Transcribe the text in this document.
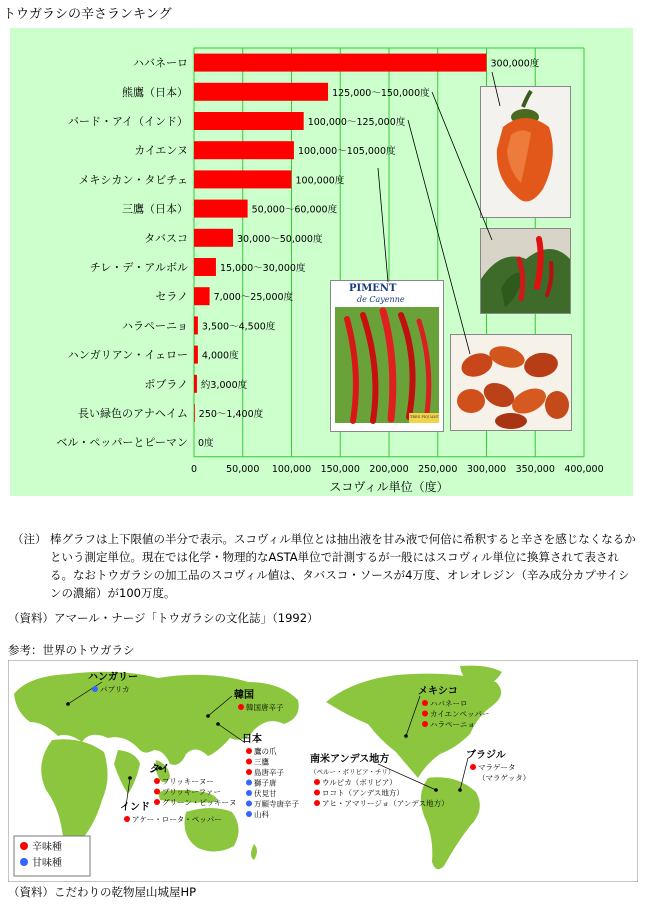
トウガラシの辛さランキング
ハバネーロ
熊鷹（日本）
バード・アイ（インド）
カイエンヌ
メキシカン・タビチェ
三鷹（日本）
タバスコ
チレ・デ・アルボル
セラノ
ハラペーニョ
ハンガリアン・イェロー
ポブラノ
長い緑色のアナヘイム
ベル・ペッパーとピーマン
300,000度
125,000～150,000度
100,000～125,000度
100,000～105,000度
100,000度
50,000～60,000度
30,000～50,000度
15,000～30,000度
7,000～25,000度
3,500～4,500度
4,000度
約3,000度
250～1,400度
0度
0	50,000 100,000 150,000 200,000 250,000 300,000 350,000 400,000
スコヴィル単位（度）
PIMENT
de Cayenne
TRES PIQUANT
（注） 棒グラフは上下限値の半分で表示。スコヴィル単位とは抽出液を甘み液で何倍に希釈すると辛さを感じなくなるかという測定単位。現在では化学・物理的なASTA単位で計測するが一般にはスコヴィル単位に換算されて表される。なおトウガラシの加工品のスコヴィル値は、タバスコ・ソースが4万度、オレオレジン（辛み成分カプサイシンの濃縮）が100万度。
（資料）アマール・ナージ「トウガラシの文化誌」（1992）
参考：世界のトウガラシ
ハンガリー
パプリカ
韓国
韓国唐辛子
メキシコ
ハバネーロ
カイエンペッパー
ハラペーニョ
日本
鷹の爪
三鷹
島唐辛子
獅子唐
伏見甘
万願寺唐辛子
山科
タイ
プリッキーヌー
プリッキーファー
グリーン・ピッキーヌ
南米アンデス地方
（ペルー・ボリビア・チリ）
ウルピカ（ボリビア）
ロコト（アンデス地方）
アヒ・アマリージョ（アンデス地方）
ブラジル
マラゲータ
（マラゲッタ）
インド
アケー・ロータ・ペッパー
辛味種
甘味種
（資料）こだわりの乾物屋山城屋HP
